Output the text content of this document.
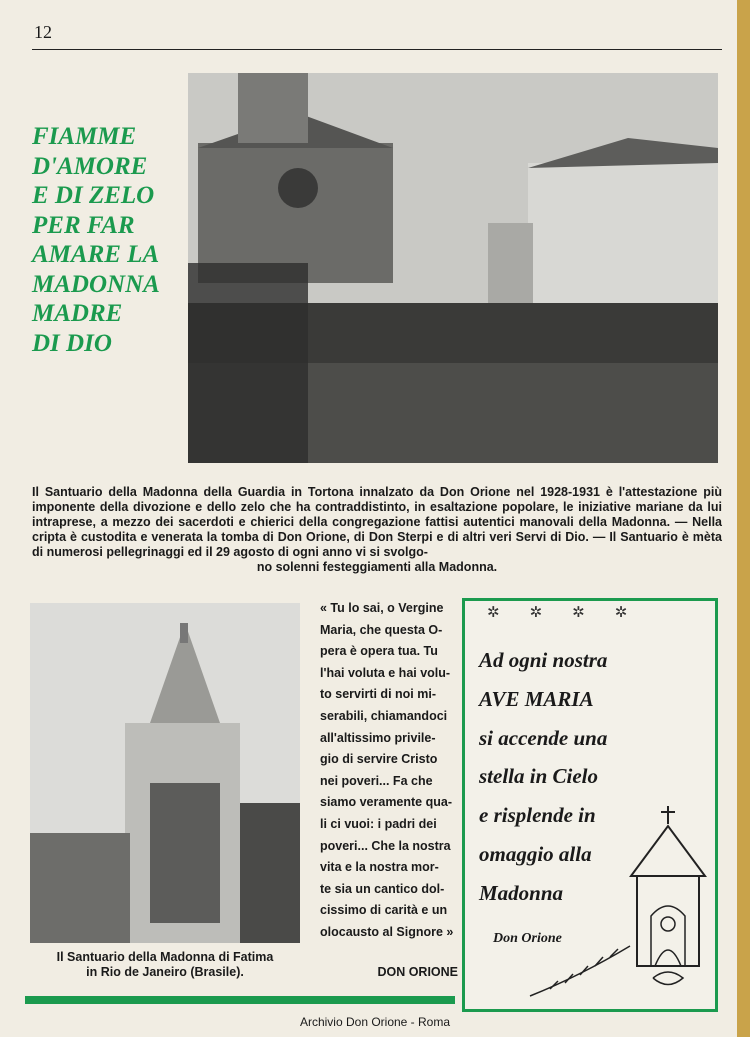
12
FIAMME
D'AMORE
E DI ZELO
PER FAR
AMARE LA
MADONNA
MADRE
DI DIO
Il Santuario della Madonna della Guardia in Tortona innalzato da Don Orione nel 1928-1931 è l'attestazione più imponente della divozione e dello zelo che ha contraddistinto, in esaltazione popolare, le iniziative mariane da lui intraprese, a mezzo dei sacerdoti e chierici della congregazione fattisi autentici manovali della Madonna. — Nella cripta è custodita e venerata la tomba di Don Orione, di Don Sterpi e di altri veri Servi di Dio. — Il Santuario è mèta di numerosi pellegrinaggi ed il 29 agosto di ogni anno vi si svolgo-
no solenni festeggiamenti alla Madonna.
Il Santuario della Madonna di Fatima
in Rio de Janeiro (Brasile).
« Tu lo sai, o Vergine
Maria, che questa O-
pera è opera tua. Tu
l'hai voluta e hai volu-
to servirti di noi mi-
serabili, chiamandoci
all'altissimo privile-
gio di servire Cristo
nei poveri... Fa che
siamo veramente qua-
li ci vuoi: i padri dei
poveri... Che la nostra
vita e la nostra mor-
te sia un cantico dol-
cissimo di carità e un
olocausto al Signore »
DON ORIONE
✲✲✲✲
Ad ogni nostra
AVE MARIA
si accende una
stella in Cielo
e risplende in
omaggio alla
Madonna
Don Orione
Archivio Don Orione - Roma
